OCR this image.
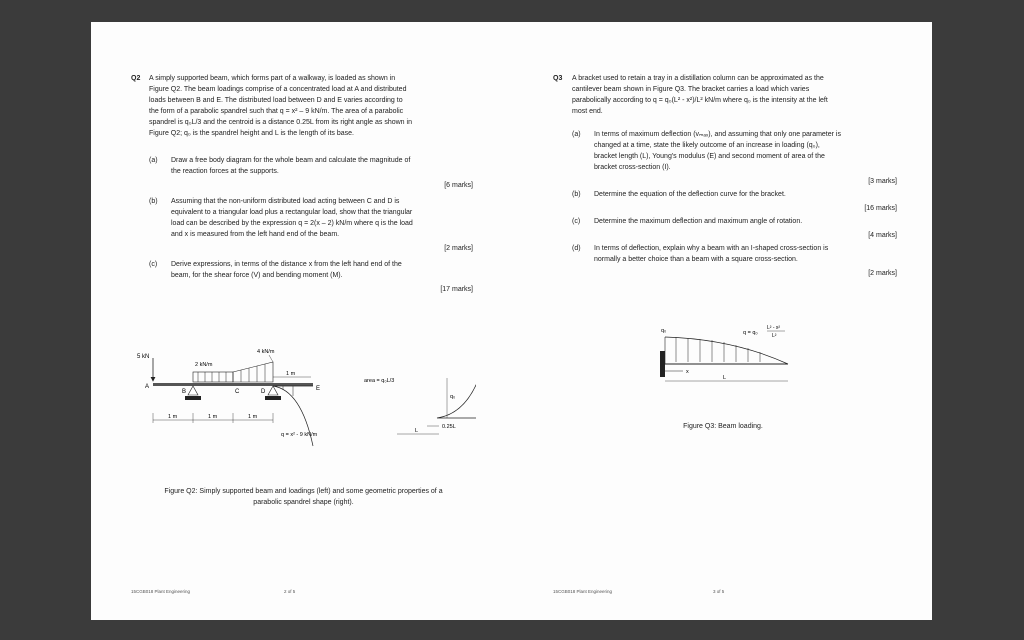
Q2 A simply supported beam, which forms part of a walkway, is loaded as shown in
Figure Q2. The beam loadings comprise of a concentrated load at A and distributed
loads between B and E. The distributed load between D and E varies according to
the form of a parabolic spandrel such that q = x² – 9 kN/m. The area of a parabolic
spandrel is q₀L/3 and the centroid is a distance 0.25L from its right angle as shown in
Figure Q2; q₀ is the spandrel height and L is the length of its base.
(a) Draw a free body diagram for the whole beam and calculate the magnitude of
the reaction forces at the supports.
[6 marks]
(b) Assuming that the non-uniform distributed load acting between C and D is
equivalent to a triangular load plus a rectangular load, show that the triangular
load can be described by the expression q = 2(x – 2) kN/m where q is the load
and x is measured from the left hand end of the beam.
[2 marks]
(c) Derive expressions, in terms of the distance x from the left hand end of the
beam, for the shear force (V) and bending moment (M).
[17 marks]
5 kN
A
2 kN/m
4 kN/m
1 m
E
B	C	D
1 m	1 m	1 m
q = x² - 9 kN/m
area = q₀L/3
q₀
0.25L
L
Figure Q2: Simply supported beam and loadings (left) and some geometric properties of a
parabolic spandrel shape (right).
15CGB018 Plant Engineering	2 of 5
Q3 A bracket used to retain a tray in a distillation column can be approximated as the
cantilever beam shown in Figure Q3. The bracket carries a load which varies
parabolically according to q = q₀(L² - x²)/L² kN/m where q₀ is the intensity at the left
most end.
(a) In terms of maximum deflection (vₘₐₓ), and assuming that only one parameter is
changed at a time, state the likely outcome of an increase in loading (q₀),
bracket length (L), Young's modulus (E) and second moment of area of the
bracket cross-section (I).
[3 marks]
(b) Determine the equation of the deflection curve for the bracket.
[16 marks]
(c) Determine the maximum deflection and maximum angle of rotation.
[4 marks]
(d) In terms of deflection, explain why a beam with an I-shaped cross-section is
normally a better choice than a beam with a square cross-section.
[2 marks]
q₀	q = q₀
L² - x²
L²
x
L
Figure Q3: Beam loading.
15CGB018 Plant Engineering	3 of 5
